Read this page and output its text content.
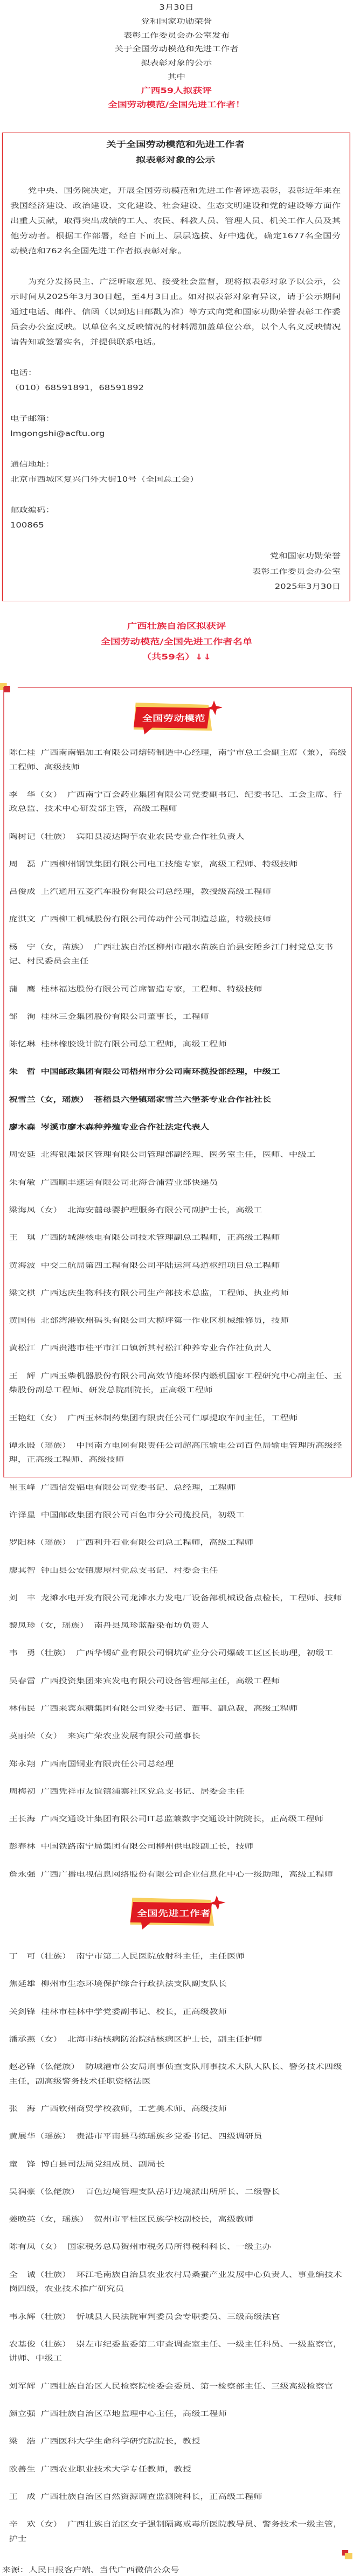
3月30日
党和国家功勋荣誉
表彰工作委员会办公室发布
关于全国劳动模范和先进工作者
拟表彰对象的公示
其中
广西59人拟获评
全国劳动模范/全国先进工作者！
关于全国劳动模范和先进工作者
拟表彰对象的公示

党中央、国务院决定，开展全国劳动模范和先进工作者评选表彰，表彰近年来在我国经济建设、政治建设、文化建设、社会建设、生态文明建设和党的建设等方面作出重大贡献，取得突出成绩的工人、农民、科教人员、管理人员、机关工作人员及其他劳动者。根据工作部署，经自下而上、层层选拔、好中选优，确定1677名全国劳动模范和762名全国先进工作者拟表彰对象。

为充分发扬民主、广泛听取意见、接受社会监督，现将拟表彰对象予以公示，公示时间从2025年3月30日起，至4月3日止。如对拟表彰对象有异议，请于公示期间通过电话、邮件、信函（以到达日邮戳为准）等方式向党和国家功勋荣誉表彰工作委员会办公室反映。以单位名义反映情况的材料需加盖单位公章，以个人名义反映情况请告知或签署实名，并提供联系电话。

电话：
（010）68591891，68591892

电子邮箱：
lmgongshi@acftu.org

通信地址：
北京市西城区复兴门外大街10号（全国总工会）

邮政编码：
100865

党和国家功勋荣誉
表彰工作委员会办公室
2025年3月30日
广西壮族自治区拟获评
全国劳动模范/全国先进工作者名单
（共59名）↓↓
全国劳动模范
陈仁桂 广西南南铝加工有限公司熔铸制造中心经理，南宁市总工会副主席（兼），高级工程师、高级技师
李　华（女） 广西南宁百会药业集团有限公司党委副书记、纪委书记、工会主席、行政总监、技术中心研发部主管，高级工程师
陶树记（壮族） 宾阳县凌达陶芋农业农民专业合作社负责人
周　磊 广西柳州钢铁集团有限公司电工技能专家，高级工程师、特级技师
吕俊成 上汽通用五菱汽车股份有限公司总经理，教授级高级工程师
庞淇文 广西柳工机械股份有限公司传动件公司制造总监，特级技师
杨　宁（女，苗族） 广西壮族自治区柳州市融水苗族自治县安陲乡江门村党总支书记、村民委员会主任
蒲　鹰 桂林福达股份有限公司首席智造专家，工程师、特级技师
邹　洵 桂林三金集团股份有限公司董事长，工程师
陈忆琳 桂林橡胶设计院有限公司总工程师，高级工程师
朱　哲 中国邮政集团有限公司梧州市分公司南环揽投部经理，中级工
祝雪兰（女，瑶族） 苍梧县六堡镇瑶家雪兰六堡茶专业合作社社长
廖木森 岑溪市廖木森种养殖专业合作社法定代表人
周安延 北海银滩景区管理有限公司管理部副经理、医务室主任，医师、中级工
朱有敏 广西顺丰速运有限公司北海合浦营业部快递员
梁海凤（女） 北海安囍母婴护理服务有限公司副护士长，高级工
王　琪 广西防城港核电有限公司技术管理副总工程师，正高级工程师
黄海波 中交二航局第四工程有限公司平陆运河马道枢纽项目总工程师
梁文棋 广西达庆生物科技有限公司生产部技术总监，工程师、执业药师
黄国伟 北部湾港钦州码头有限公司大榄坪第一作业区机械维修员，技师
黄松江 广西贵港市桂平市江口镇新其村松江种养专业合作社负责人
王　辉 广西玉柴机器股份有限公司高效节能环保内燃机国家工程研究中心副主任、玉柴股份副总工程师、研发总院副院长，正高级工程师
王艳红（女） 广西玉林制药集团有限责任公司仁厚提取车间主任，工程师
谭永殿（瑶族） 中国南方电网有限责任公司超高压输电公司百色局输电管理所高级经理，正高级工程师、高级技师
崔玉峰 广西信发铝电有限公司党委书记、总经理，工程师
许泽星 中国邮政集团有限公司百色市分公司揽投员，初级工
罗阳林（瑶族） 广西利升石业有限公司总工程师，高级工程师
廖其智 钟山县公安镇廖屋村党总支书记、村委会主任
刘　丰 龙滩水电开发有限公司龙滩水力发电厂设备部机械设备点检长，工程师、技师
黎凤珍（女，瑶族） 南丹县凤珍蓝靛染布坊负责人
韦　勇（壮族） 广西华锡矿业有限公司铜坑矿业分公司爆破工区区长助理，初级工
吴春雷 广西投资集团来宾发电有限公司设备管理部主任，高级工程师
林伟民 广西来宾东糖集团有限公司党委书记、董事、副总裁，高级工程师
莫丽荣（女） 来宾广荣农业发展有限公司董事长
郑永翔 广西南国铜业有限责任公司总经理
周梅初 广西凭祥市友谊镇浦寨社区党总支书记、居委会主任
王长海 广西交通设计集团有限公司IT总监兼数字交通设计院院长，正高级工程师
彭春林 中国铁路南宁局集团有限公司柳州供电段副工长，技师
詹永强 广西广播电视信息网络股份有限公司企业信息化中心一级助理，高级工程师
全国先进工作者
丁　可（壮族） 南宁市第二人民医院放射科主任，主任医师
焦延雄 柳州市生态环境保护综合行政执法支队副支队长
关剑锋 桂林市桂林中学党委副书记、校长，正高级教师
潘承燕（女） 北海市结核病防治院结核病区护士长，副主任护师
赵必锋（仫佬族） 防城港市公安局刑事侦查支队刑事技术大队大队长、警务技术四级主任，副高级警务技术任职资格法医
张　海 广西钦州商贸学校教师，工艺美术师、高级技师
黄展华（瑶族） 贵港市平南县马练瑶族乡党委书记、四级调研员
童　锋 博白县司法局党组成员、副局长
吴润豪（仫佬族） 百色边境管理支队岳圩边境派出所所长、二级警长
姜晚英（女，瑶族） 贺州市平桂区民族学校副校长，高级教师
陈有凤（女） 国家税务总局贺州市税务局所得税科科长、一级主办
全　诚（壮族） 环江毛南族自治县农业农村局桑蚕产业发展中心负责人、事业编技术岗四级，农业技术推广研究员
韦永辉（壮族） 忻城县人民法院审判委员会专职委员、三级高级法官
农基俊（壮族） 崇左市纪委监委第二审查调查室主任、一级主任科员、一级监察官，讲师、中级工
刘军辉 广西壮族自治区人民检察院检委会委员、第一检察部主任、三级高级检察官
颜立强 广西壮族自治区草地监理中心主任，高级工程师
梁　浩 广西医科大学生命科学研究院院长，教授
欧善生 广西农业职业技术大学专任教师，教授
王　成 广西壮族自治区自然资源调查监测院科长，正高级工程师
辛　欢（女） 广西壮族自治区女子强制隔离戒毒所医院教导员、警务技术一级主管，护士
来源：人民日报客户端、当代广西微信公众号
